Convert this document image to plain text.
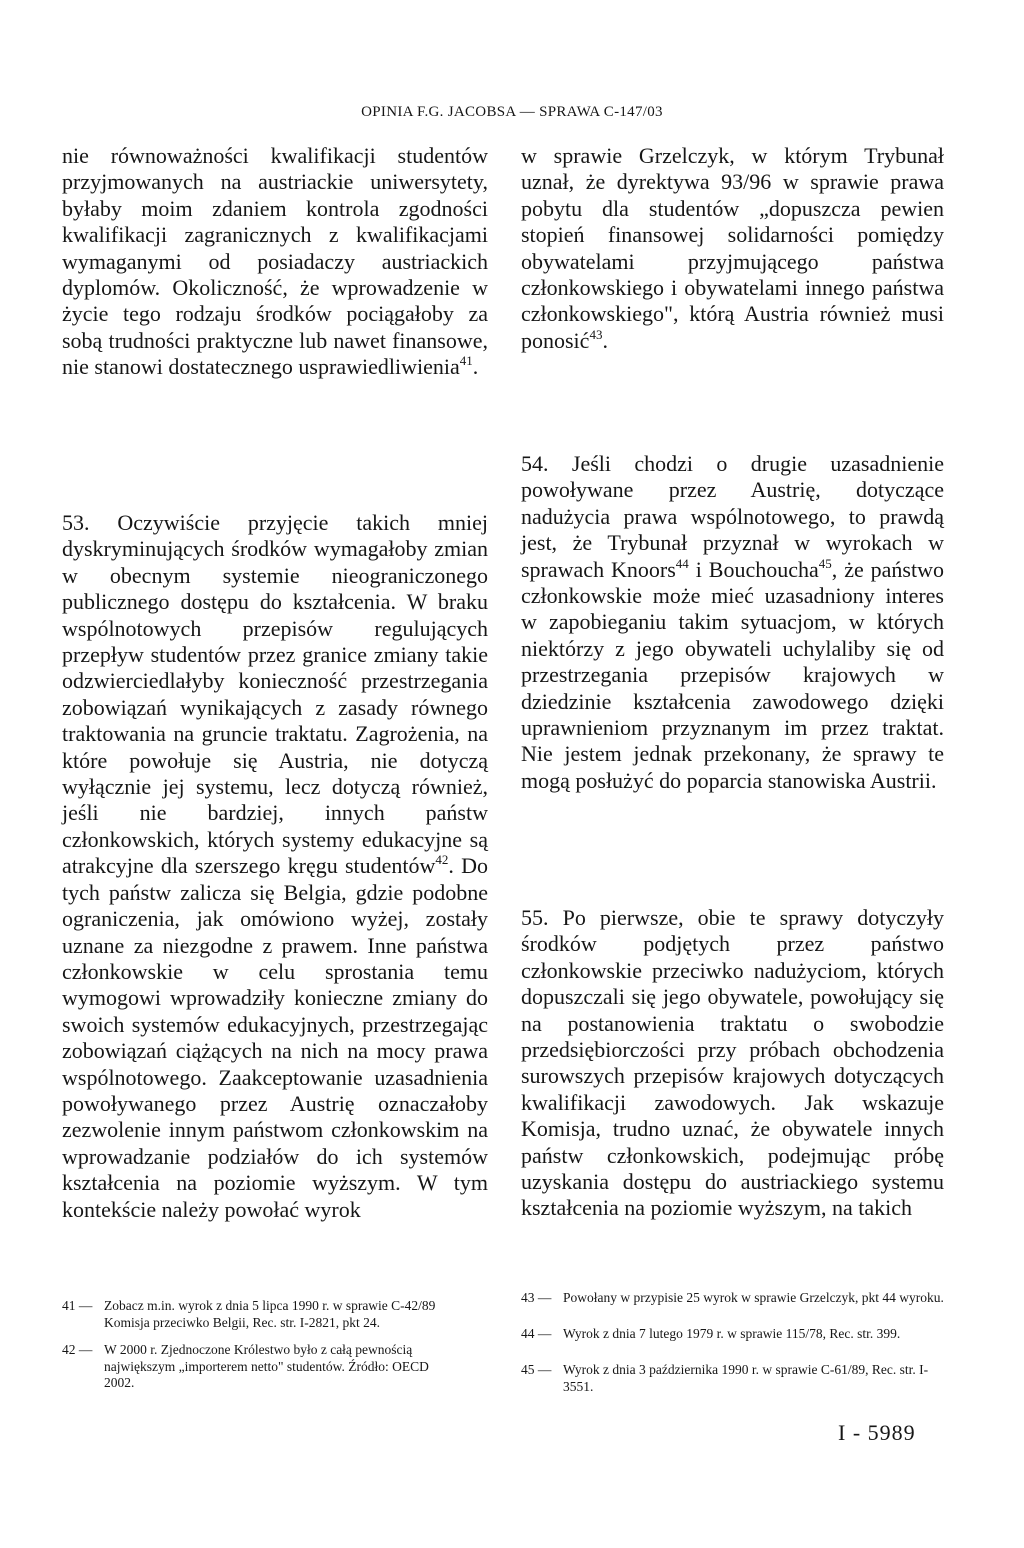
OPINIA F.G. JACOBSA — SPRAWA C-147/03

nie równoważności kwalifikacji studentów przyjmowanych na austriackie uniwersytety, byłaby moim zdaniem kontrola zgodności kwalifikacji zagranicznych z kwalifikacjami wymaganymi od posiadaczy austriackich dyplomów. Okoliczność, że wprowadzenie w życie tego rodzaju środków pociągałoby za sobą trudności praktyczne lub nawet finansowe, nie stanowi dostatecznego usprawiedliwienia$^{41}$.

53. Oczywiście przyjęcie takich mniej dyskryminujących środków wymagałoby zmian w obecnym systemie nieograniczonego publicznego dostępu do kształcenia. W braku wspólnotowych przepisów regulujących przepływ studentów przez granice zmiany takie odzwierciedlałyby konieczność przestrzegania zobowiązań wynikających z zasady równego traktowania na gruncie traktatu. Zagrożenia, na które powołuje się Austria, nie dotyczą wyłącznie jej systemu, lecz dotyczą również, jeśli nie bardziej, innych państw członkowskich, których systemy edukacyjne są atrakcyjne dla szerszego kręgu studentów$^{42}$. Do tych państw zalicza się Belgia, gdzie podobne ograniczenia, jak omówiono wyżej, zostały uznane za niezgodne z prawem. Inne państwa członkowskie w celu sprostania temu wymogowi wprowadziły konieczne zmiany do swoich systemów edukacyjnych, przestrzegając zobowiązań ciążących na nich na mocy prawa wspólnotowego. Zaakceptowanie uzasadnienia powoływanego przez Austrię oznaczałoby zezwolenie innym państwom członkowskim na wprowadzanie podziałów do ich systemów kształcenia na poziomie wyższym. W tym kontekście należy powołać wyrok

w sprawie Grzelczyk, w którym Trybunał uznał, że dyrektywa 93/96 w sprawie prawa pobytu dla studentów „dopuszcza pewien stopień finansowej solidarności pomiędzy obywatelami przyjmującego państwa członkowskiego i obywatelami innego państwa członkowskiego", którą Austria również musi ponosić$^{43}$.

54. Jeśli chodzi o drugie uzasadnienie powoływane przez Austrię, dotyczące nadużycia prawa wspólnotowego, to prawdą jest, że Trybunał przyznał w wyrokach w sprawach Knoors$^{44}$ i Bouchoucha$^{45}$, że państwo członkowskie może mieć uzasadniony interes w zapobieganiu takim sytuacjom, w których niektórzy z jego obywateli uchylaliby się od przestrzegania przepisów krajowych w dziedzinie kształcenia zawodowego dzięki uprawnieniom przyznanym im przez traktat. Nie jestem jednak przekonany, że sprawy te mogą posłużyć do poparcia stanowiska Austrii.

55. Po pierwsze, obie te sprawy dotyczyły środków podjętych przez państwo członkowskie przeciwko nadużyciom, których dopuszczali się jego obywatele, powołujący się na postanowienia traktatu o swobodzie przedsiębiorczości przy próbach obchodzenia surowszych przepisów krajowych dotyczących kwalifikacji zawodowych. Jak wskazuje Komisja, trudno uznać, że obywatele innych państw członkowskich, podejmując próbę uzyskania dostępu do austriackiego systemu kształcenia na poziomie wyższym, na takich

41 — Zobacz m.in. wyrok z dnia 5 lipca 1990 r. w sprawie C-42/89 Komisja przeciwko Belgii, Rec. str. I-2821, pkt 24.
42 — W 2000 r. Zjednoczone Królestwo było z całą pewnością największym „importerem netto" studentów. Źródło: OECD 2002.
43 — Powołany w przypisie 25 wyrok w sprawie Grzelczyk, pkt 44 wyroku.
44 — Wyrok z dnia 7 lutego 1979 r. w sprawie 115/78, Rec. str. 399.
45 — Wyrok z dnia 3 października 1990 r. w sprawie C-61/89, Rec. str. I-3551.
I - 5989
